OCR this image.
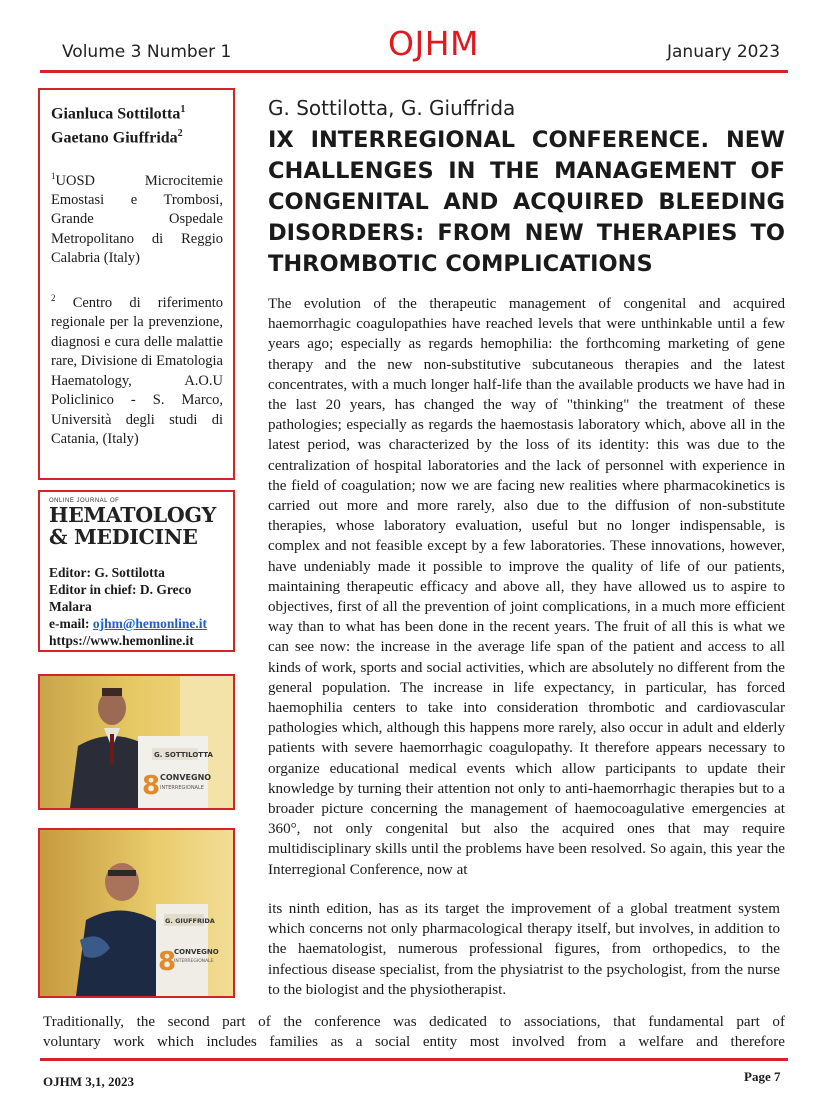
Volume 3 Number 1	OJHM	January 2023
Gianluca Sottilotta$^1$
Gaetano Giuffrida$^2$
$^1$UOSD Microcitemie Emostasi e Trombosi, Grande Ospedale Metropolitano di Reggio Calabria (Italy)
$^2$ Centro di riferimento regionale per la prevenzione, diagnosi e cura delle malattie rare, Divisione di Ematologia Haematology, A.O.U Policlinico - S. Marco, Università degli studi di Catania, (Italy)
ONLINE JOURNAL OF
HEMATOLOGY
& MEDICINE
Editor: G. Sottilotta
Editor in chief: D. Greco Malara
e-mail: ojhm@hemonline.it
https://www.hemonline.it
G. SOTTILOTTA
8 CONVEGNO
INTERREGIONALE
G. GIUFFRIDA
8
CONVEGNO
INTERREGIONALE
G. Sottilotta, G. Giuffrida
IX INTERREGIONAL CONFERENCE. NEW CHALLENGES IN THE MANAGEMENT OF CONGENITAL AND ACQUIRED BLEEDING DISORDERS: FROM NEW THERAPIES TO THROMBOTIC COMPLICATIONS
The evolution of the therapeutic management of congenital and acquired haemorrhagic coagulopathies have reached levels that were unthinkable until a few years ago; especially as regards hemophilia: the forthcoming marketing of gene therapy and the new non-substitutive subcutaneous therapies and the latest concentrates, with a much longer half-life than the available products we have had in the last 20 years, has changed the way of "thinking" the treatment of these pathologies; especially as regards the haemostasis laboratory which, above all in the latest period, was characterized by the loss of its identity: this was due to the centralization of hospital laboratories and the lack of personnel with experience in the field of coagulation; now we are facing new realities where pharmacokinetics is carried out more and more rarely, also due to the diffusion of non-substitute therapies, whose laboratory evaluation, useful but no longer indispensable, is complex and not feasible except by a few laboratories. These innovations, however, have undeniably made it possible to improve the quality of life of our patients, maintaining therapeutic efficacy and above all, they have allowed us to aspire to objectives, first of all the prevention of joint complications, in a much more efficient way than to what has been done in the recent years. The fruit of all this is what we can see now: the increase in the average life span of the patient and access to all kinds of work, sports and social activities, which are absolutely no different from the general population. The increase in life expectancy, in particular, has forced haemophilia centers to take into consideration thrombotic and cardiovascular pathologies which, although this happens more rarely, also occur in adult and elderly patients with severe haemorrhagic coagulopathy. It therefore appears necessary to organize educational medical events which allow participants to update their knowledge by turning their attention not only to anti-haemorrhagic therapies but to a broader picture concerning the management of haemocoagulative emergencies at 360°, not only congenital but also the acquired ones that may require multidisciplinary skills until the problems have been resolved. So again, this year the Interregional Conference, now at
its ninth edition, has as its target the improvement of a global treatment system which concerns not only pharmacological therapy itself, but involves, in addition to the haematologist, numerous professional figures, from orthopedics, to the infectious disease specialist, from the physiatrist to the psychologist, from the nurse to the biologist and the physiotherapist.
Traditionally, the second part of the conference was dedicated to associations, that fundamental part of
voluntary work which includes families as a social entity most involved from a welfare and therefore
OJHM 3,1, 2023	Page 7
